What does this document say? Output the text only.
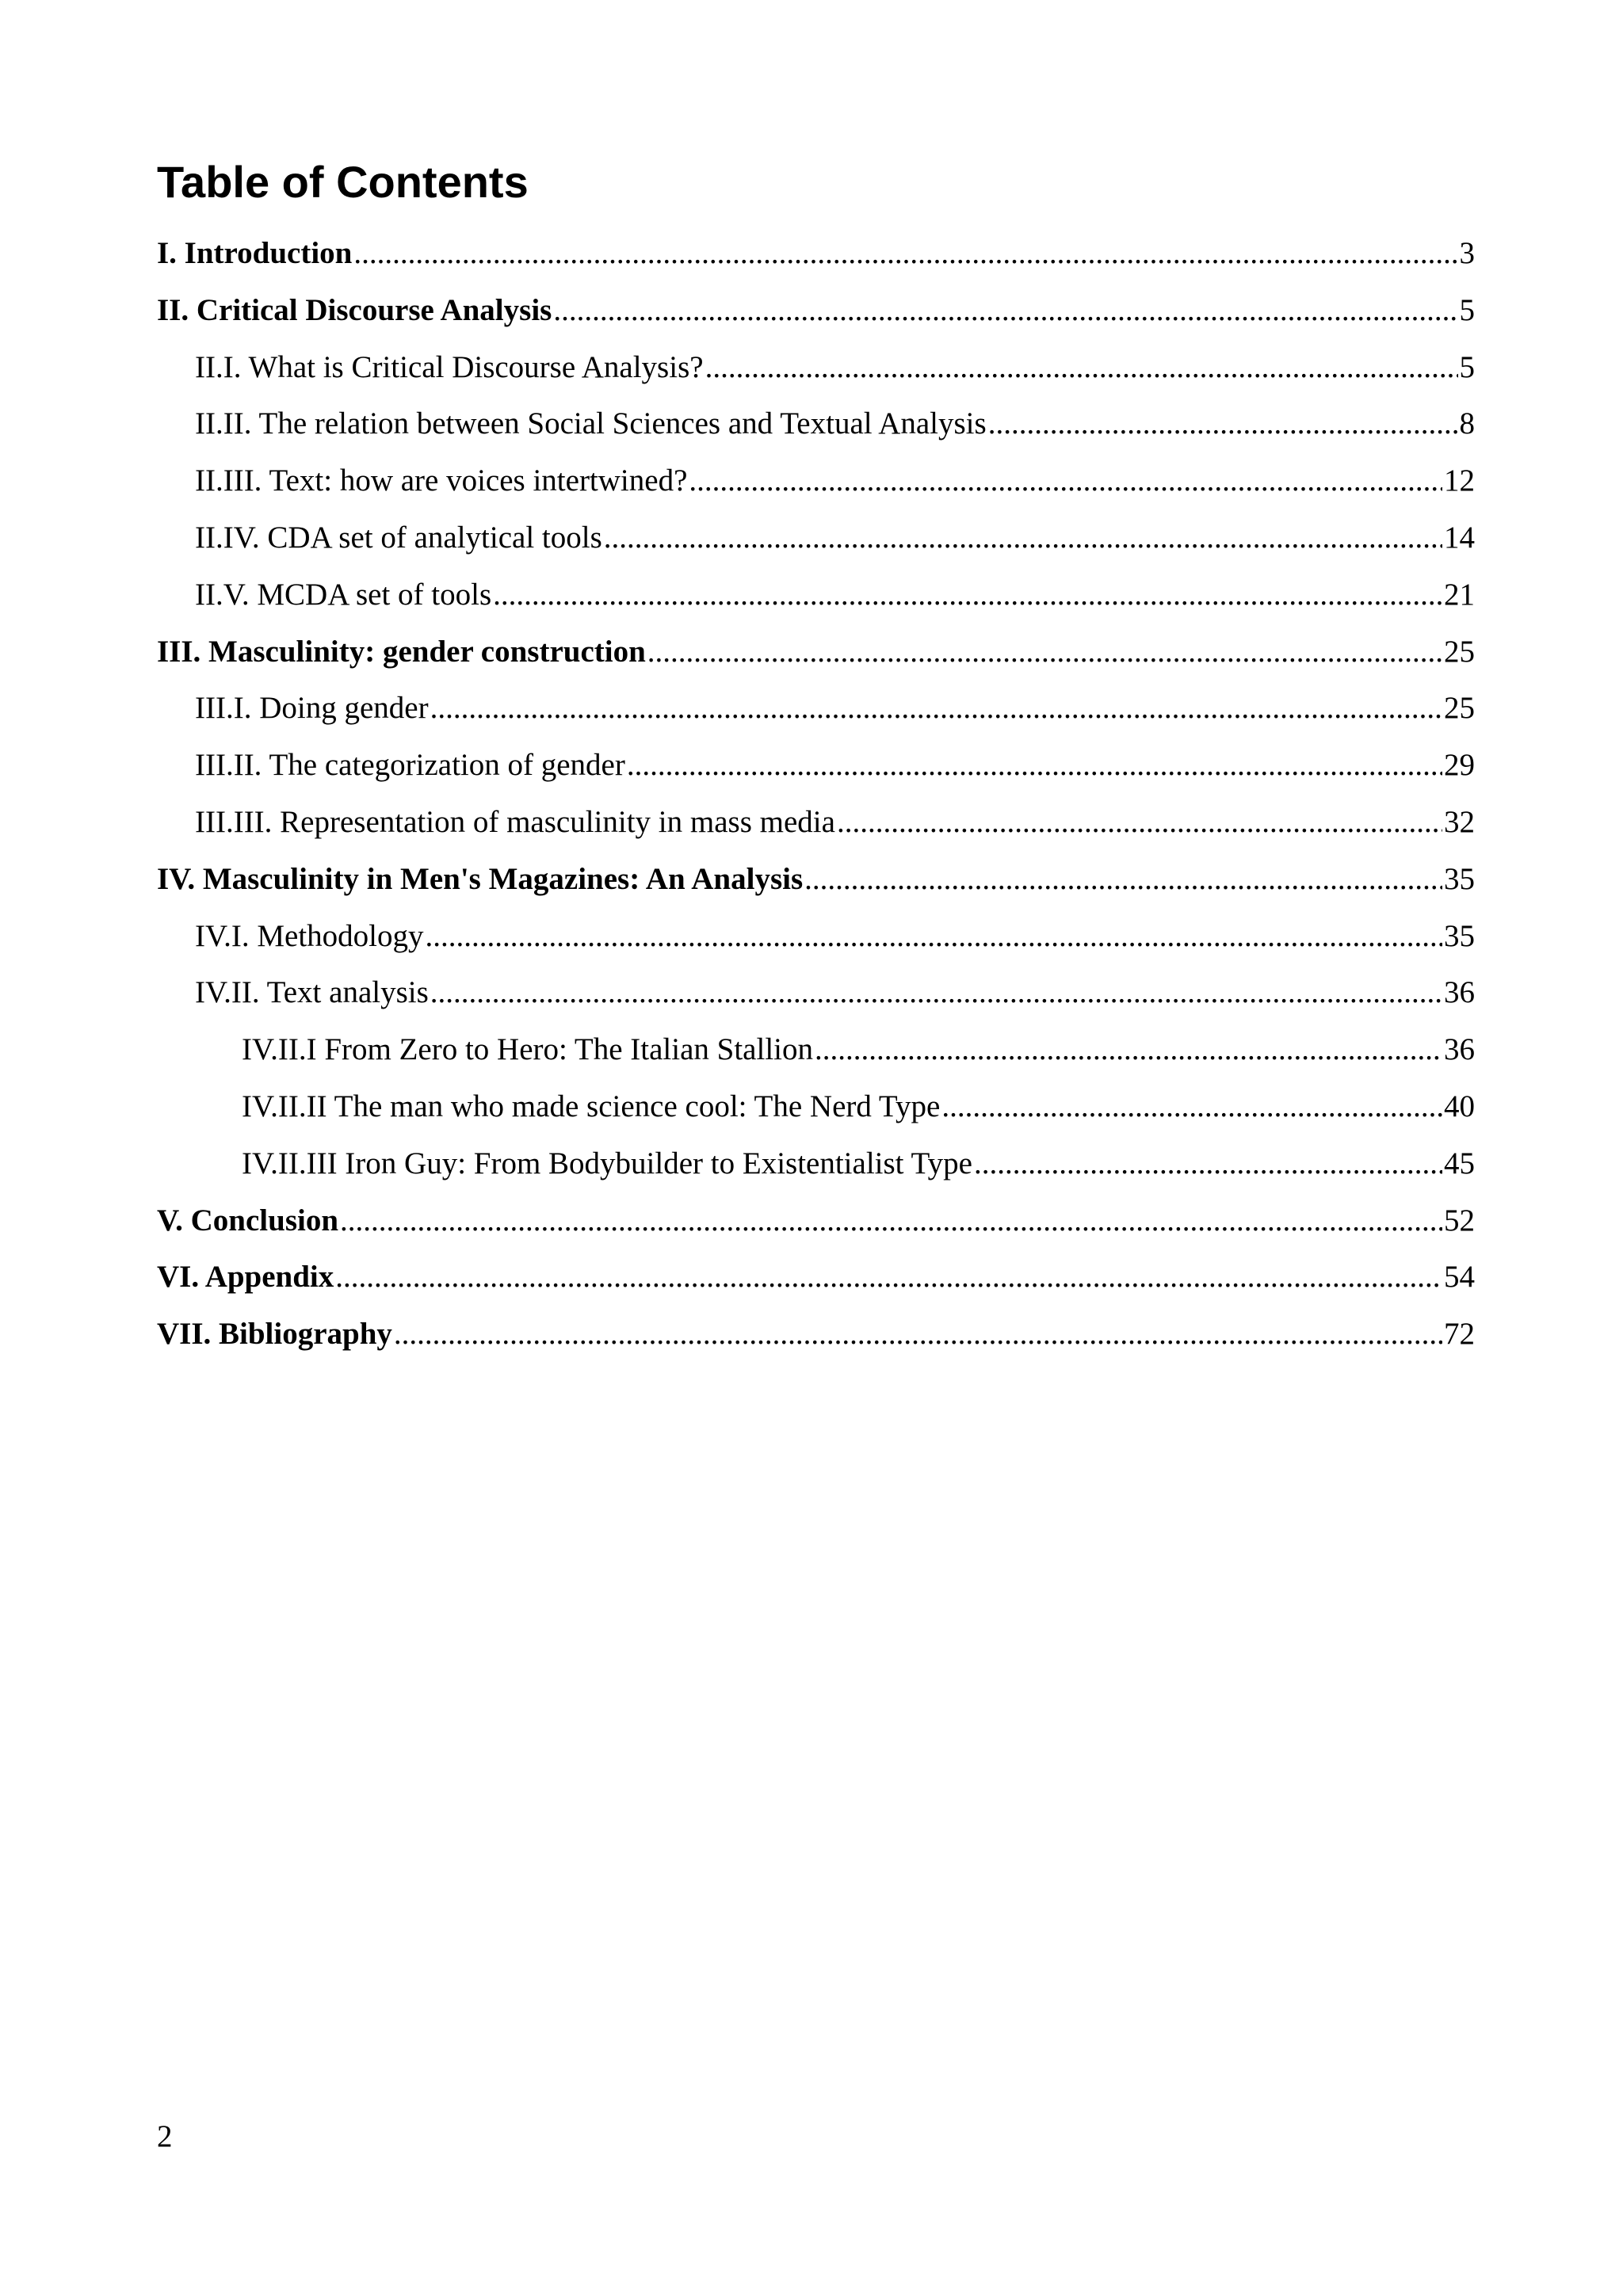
Table of Contents
I. Introduction .....	3
II. Critical Discourse Analysis .....	5
II.I. What is Critical Discourse Analysis? .....	5
II.II. The relation between Social Sciences and Textual Analysis .....	8
II.III. Text: how are voices intertwined? .....	12
II.IV. CDA set of analytical tools .....	14
II.V. MCDA set of tools .....	21
III. Masculinity: gender construction .....	25
III.I. Doing gender .....	25
III.II. The categorization of gender .....	29
III.III. Representation of masculinity in mass media .....	32
IV. Masculinity in Men's Magazines: An Analysis .....	35
IV.I. Methodology .....	35
IV.II. Text analysis .....	36
IV.II.I From Zero to Hero: The Italian Stallion .....	36
IV.II.II The man who made science cool: The Nerd Type .....	40
IV.II.III Iron Guy: From Bodybuilder to Existentialist Type .....	45
V. Conclusion .....	52
VI. Appendix .....	54
VII. Bibliography .....	72
2
